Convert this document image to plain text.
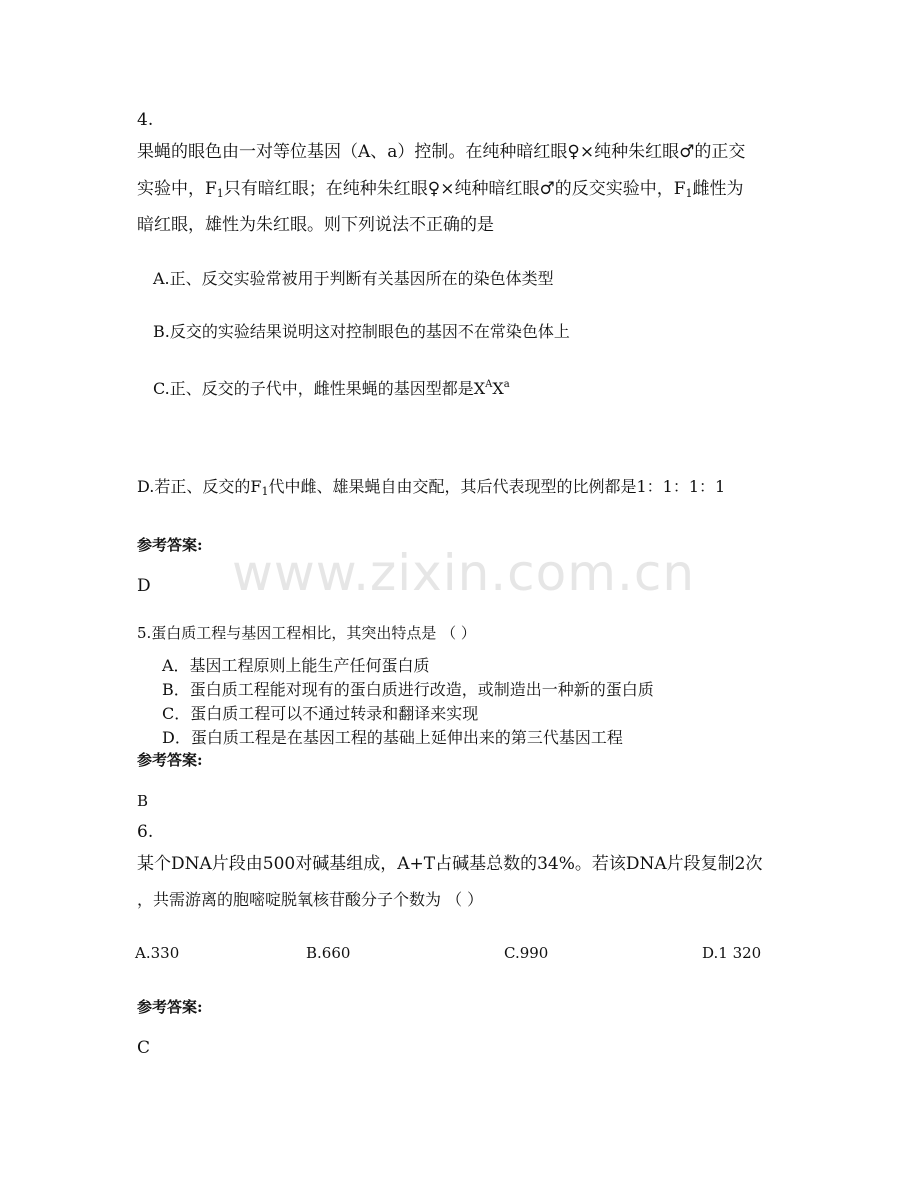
www.zixin.com.cn
4.
果蝇的眼色由一对等位基因（A、a）控制。在纯种暗红眼♀×纯种朱红眼♂的正交
实验中，$F_1$只有暗红眼；在纯种朱红眼♀×纯种暗红眼♂的反交实验中，$F_1$雌性为
暗红眼，雄性为朱红眼。则下列说法不正确的是
A.正、反交实验常被用于判断有关基因所在的染色体类型
B.反交的实验结果说明这对控制眼色的基因不在常染色体上
C.正、反交的子代中，雌性果蝇的基因型都是$X^AX^a$
D.若正、反交的$F_1$代中雌、雄果蝇自由交配，其后代表现型的比例都是1：1：1：1
参考答案:
D
5.蛋白质工程与基因工程相比，其突出特点是 （ ）
A．基因工程原则上能生产任何蛋白质
B．蛋白质工程能对现有的蛋白质进行改造，或制造出一种新的蛋白质
C．蛋白质工程可以不通过转录和翻译来实现
D．蛋白质工程是在基因工程的基础上延伸出来的第三代基因工程
参考答案:
B
6.
某个DNA片段由500对碱基组成，A+T占碱基总数的34%。若该DNA片段复制2次
，共需游离的胞嘧啶脱氧核苷酸分子个数为 （ ）
A.330	B.660	C.990	D.1 320
参考答案:
C
